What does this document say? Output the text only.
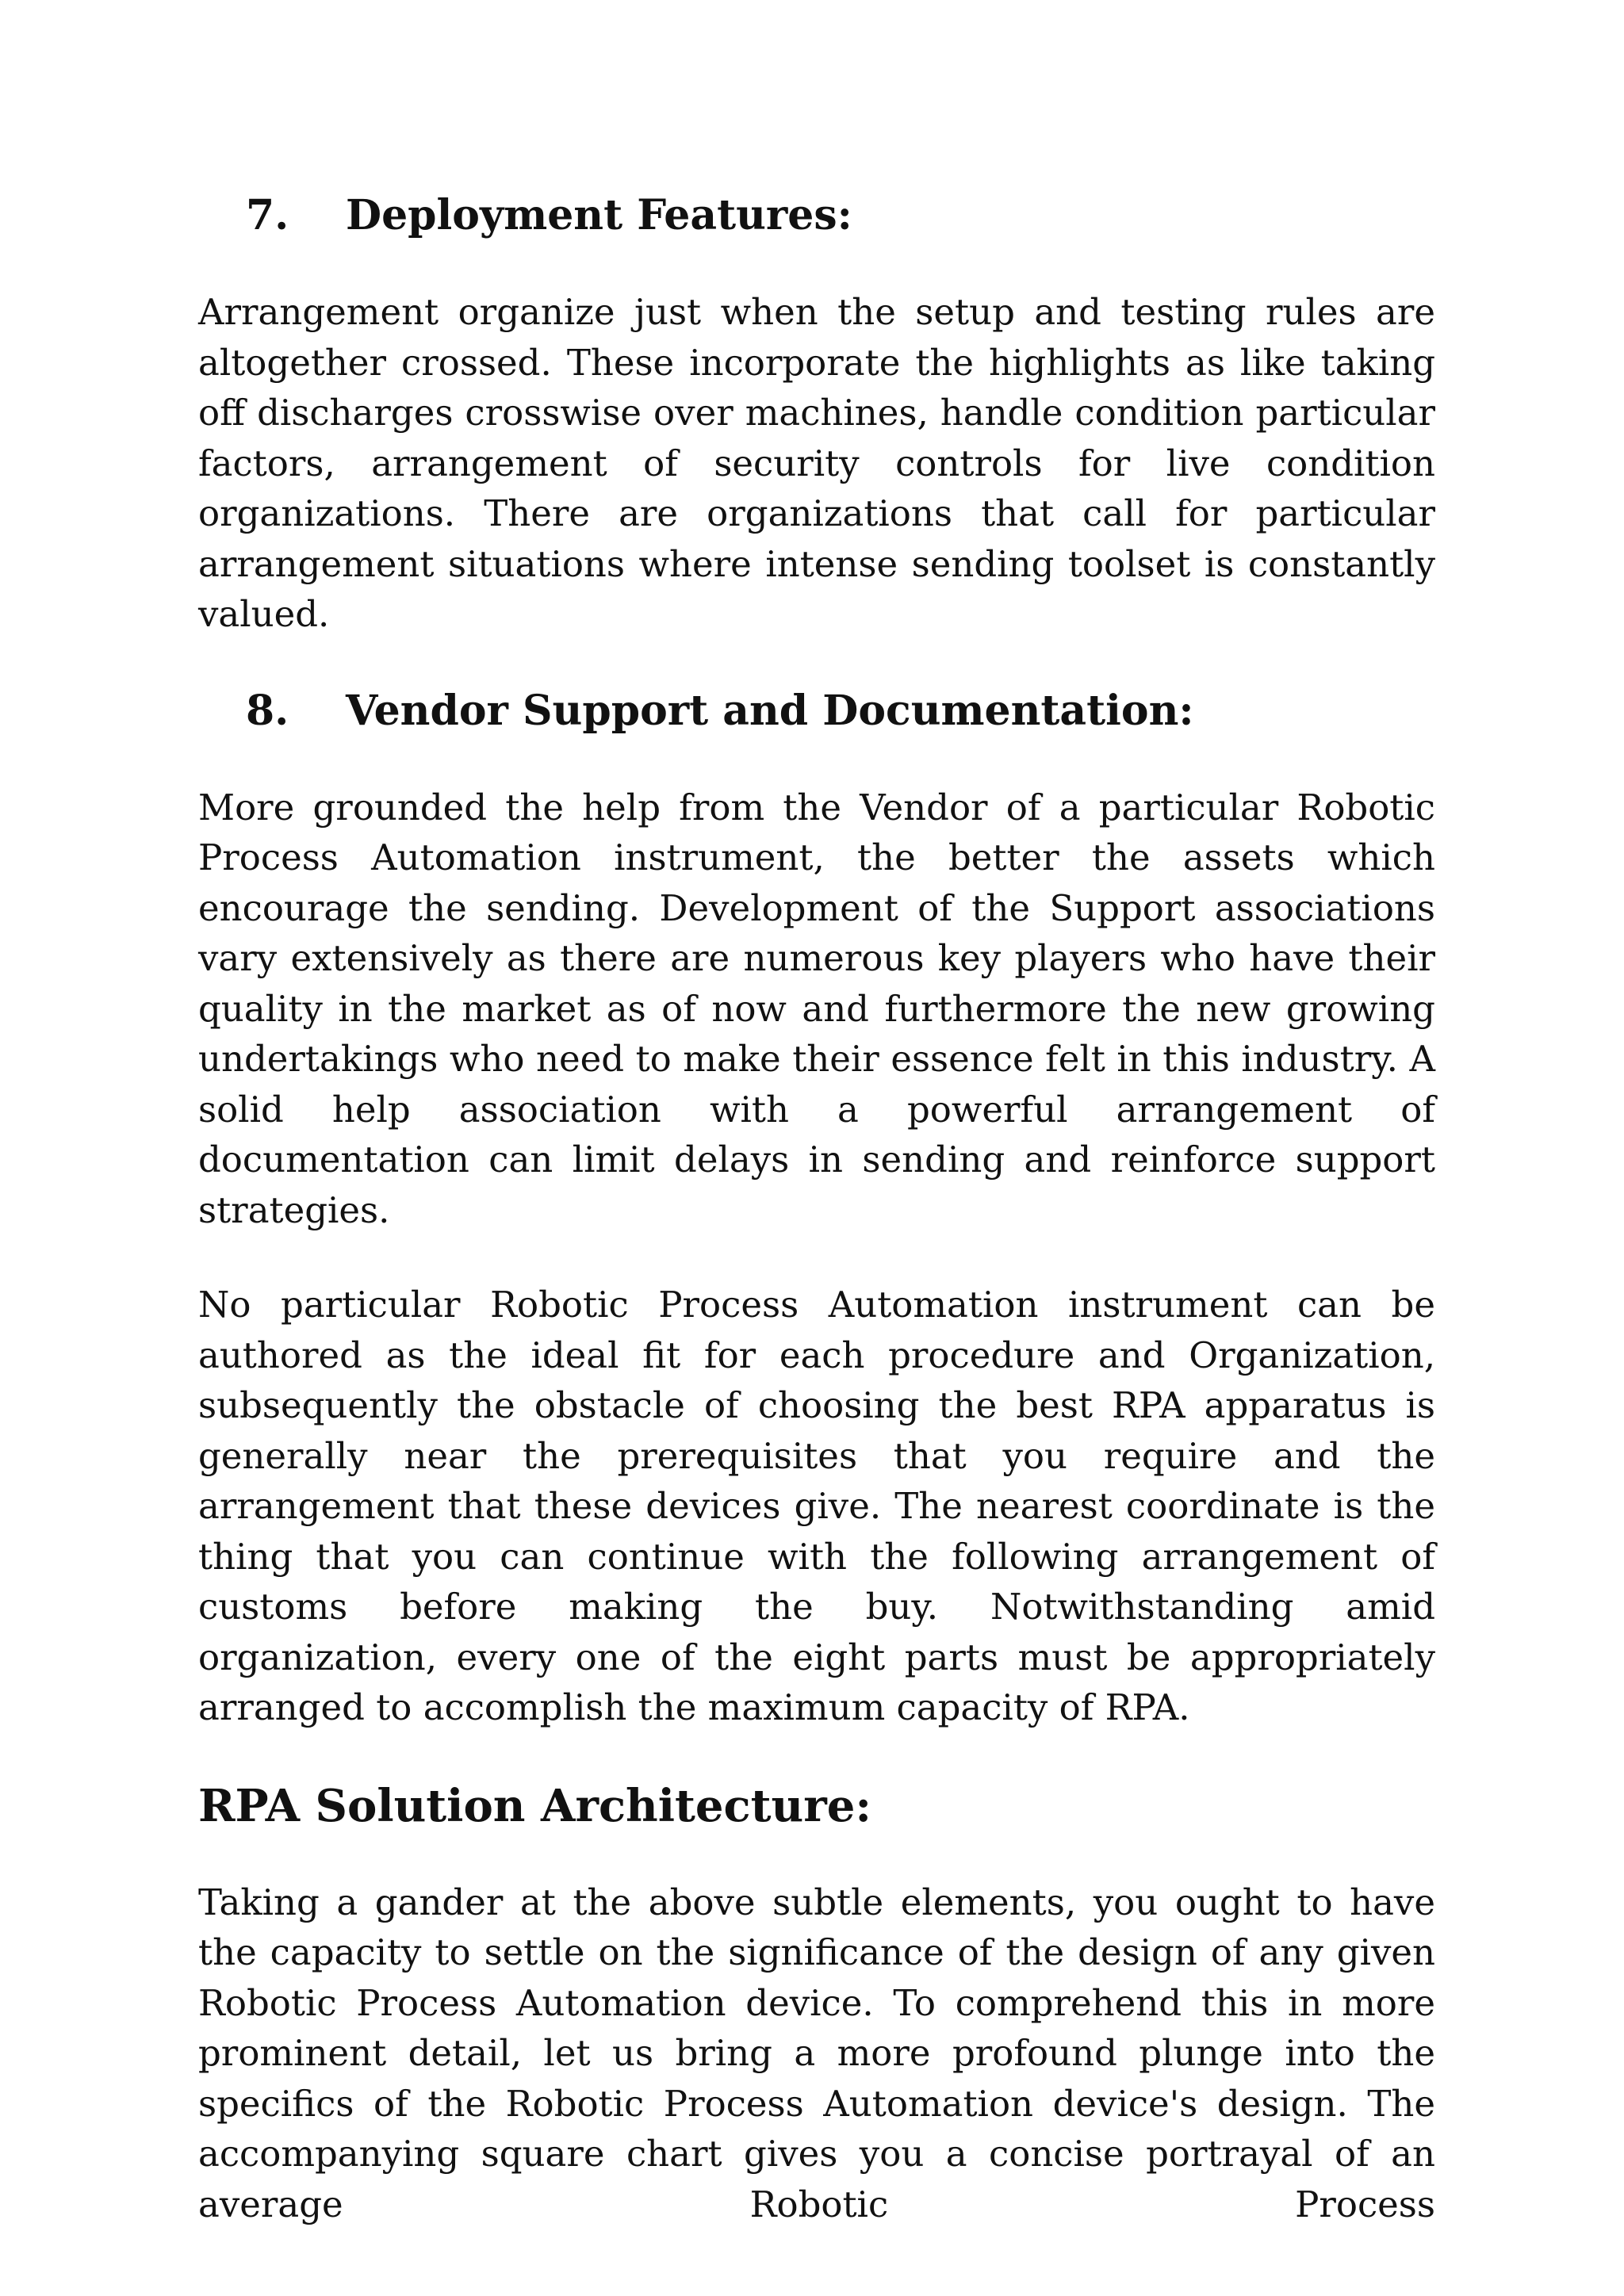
7. Deployment Features:

Arrangement organize just when the setup and testing rules are altogether crossed. These incorporate the highlights as like taking off discharges crosswise over machines, handle condition particular factors, arrangement of security controls for live condition organizations. There are organizations that call for particular arrangement situations where intense sending toolset is constantly valued.

8. Vendor Support and Documentation:

More grounded the help from the Vendor of a particular Robotic Process Automation instrument, the better the assets which encourage the sending. Development of the Support associations vary extensively as there are numerous key players who have their quality in the market as of now and furthermore the new growing undertakings who need to make their essence felt in this industry. A solid help association with a powerful arrangement of documentation can limit delays in sending and reinforce support strategies.

No particular Robotic Process Automation instrument can be authored as the ideal fit for each procedure and Organization, subsequently the obstacle of choosing the best RPA apparatus is generally near the prerequisites that you require and the arrangement that these devices give. The nearest coordinate is the thing that you can continue with the following arrangement of customs before making the buy. Notwithstanding amid organization, every one of the eight parts must be appropriately arranged to accomplish the maximum capacity of RPA.

RPA Solution Architecture:

Taking a gander at the above subtle elements, you ought to have the capacity to settle on the significance of the design of any given Robotic Process Automation device. To comprehend this in more prominent detail, let us bring a more profound plunge into the specifics of the Robotic Process Automation device's design. The accompanying square chart gives you a concise portrayal of an average Robotic Process
